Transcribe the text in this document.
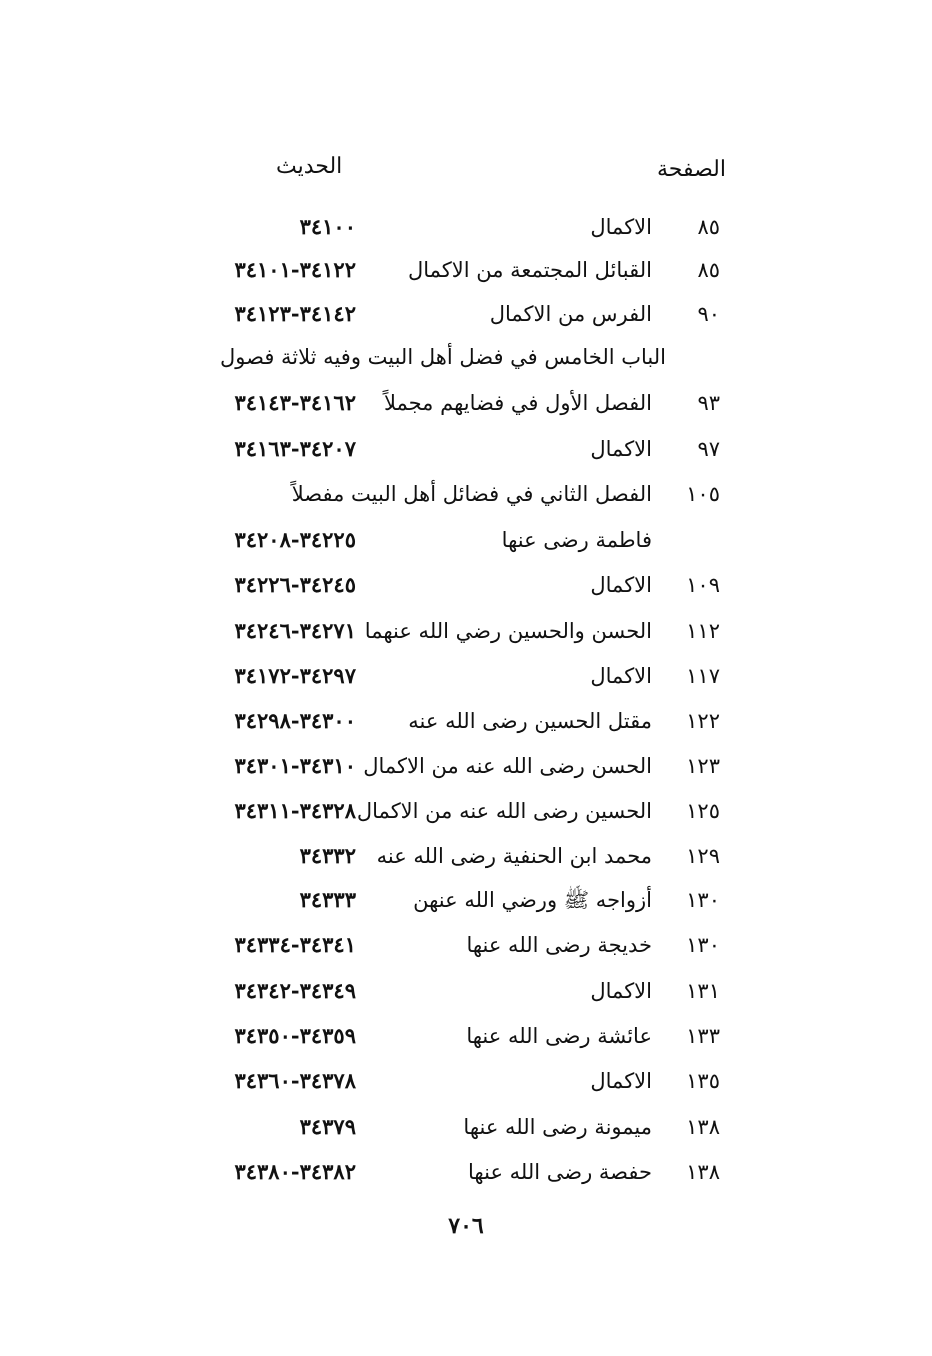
الصفحة
الحديث
٨٥
الاكمال
٣٤١٠٠
٨٥
القبائل المجتمعة من الاكمال
٣٤١٢٢-٣٤١٠١
٩٠
الفرس من الاكمال
٣٤١٤٢-٣٤١٢٣
الباب الخامس في فضل أهل البيت وفيه ثلاثة فصول
٩٣
الفصل الأول في فضايهم مجملاً
٣٤١٦٢-٣٤١٤٣
٩٧
الاكمال
٣٤٢٠٧-٣٤١٦٣
١٠٥
الفصل الثاني في فضائل أهل البيت مفصلاً
فاطمة رضى عنها
٣٤٢٢٥-٣٤٢٠٨
١٠٩
الاكمال
٣٤٢٤٥-٣٤٢٢٦
١١٢
الحسن والحسين رضي الله عنهما
٣٤٢٧١-٣٤٢٤٦
١١٧
الاكمال
٣٤٢٩٧-٣٤١٧٢
١٢٢
مقتل الحسين رضى الله عنه
٣٤٣٠٠-٣٤٢٩٨
١٢٣
الحسن رضى الله عنه من الاكمال
٣٤٣١٠-٣٤٣٠١
١٢٥
الحسين رضى الله عنه من الاكمال
٣٤٣٢٨-٣٤٣١١
١٢٩
محمد ابن الحنفية رضى الله عنه
٣٤٣٣٢
١٣٠
أزواجه ﷺ ورضي الله عنهن
٣٤٣٣٣
١٣٠
خديجة رضى الله عنها
٣٤٣٤١-٣٤٣٣٤
١٣١
الاكمال
٣٤٣٤٩-٣٤٣٤٢
١٣٣
عائشة رضى الله عنها
٣٤٣٥٩-٣٤٣٥٠
١٣٥
الاكمال
٣٤٣٧٨-٣٤٣٦٠
١٣٨
ميمونة رضى الله عنها
٣٤٣٧٩
١٣٨
حفصة رضى الله عنها
٣٤٣٨٢-٣٤٣٨٠
٧٠٦
